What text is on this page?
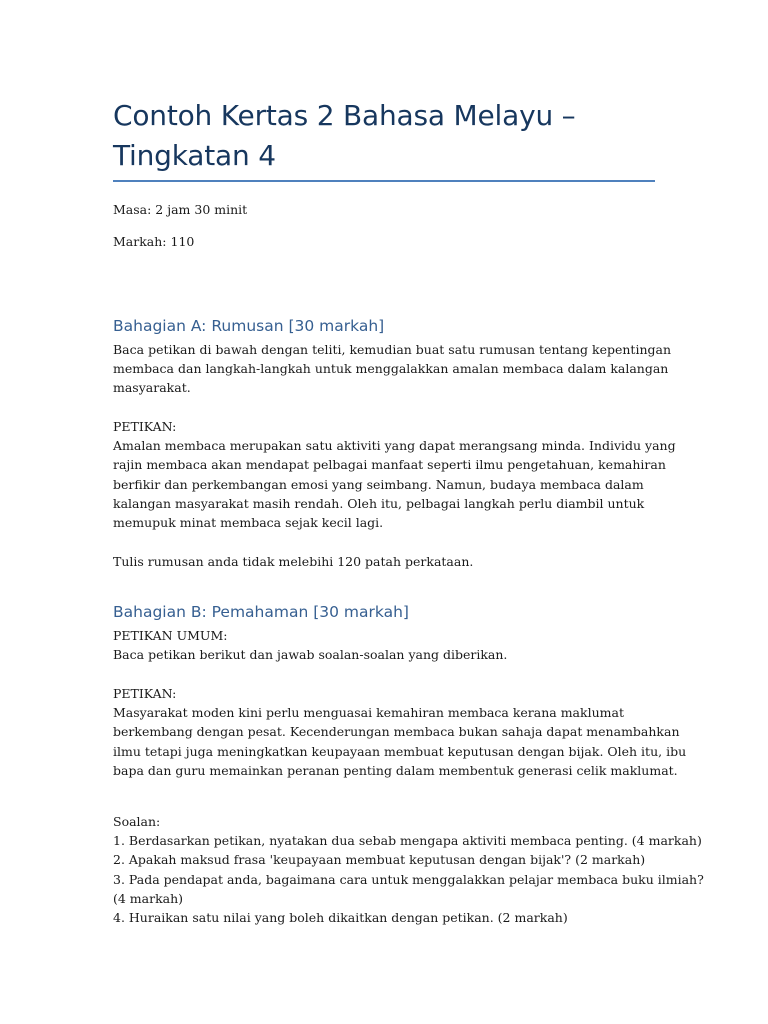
Contoh Kertas 2 Bahasa Melayu –
Tingkatan 4
Masa: 2 jam 30 minit
Markah: 110
Bahagian A: Rumusan [30 markah]
Baca petikan di bawah dengan teliti, kemudian buat satu rumusan tentang kepentingan
membaca dan langkah-langkah untuk menggalakkan amalan membaca dalam kalangan
masyarakat.
PETIKAN:
Amalan membaca merupakan satu aktiviti yang dapat merangsang minda. Individu yang
rajin membaca akan mendapat pelbagai manfaat seperti ilmu pengetahuan, kemahiran
berfikir dan perkembangan emosi yang seimbang. Namun, budaya membaca dalam
kalangan masyarakat masih rendah. Oleh itu, pelbagai langkah perlu diambil untuk
memupuk minat membaca sejak kecil lagi.
Tulis rumusan anda tidak melebihi 120 patah perkataan.
Bahagian B: Pemahaman [30 markah]
PETIKAN UMUM:
Baca petikan berikut dan jawab soalan-soalan yang diberikan.
PETIKAN:
Masyarakat moden kini perlu menguasai kemahiran membaca kerana maklumat
berkembang dengan pesat. Kecenderungan membaca bukan sahaja dapat menambahkan
ilmu tetapi juga meningkatkan keupayaan membuat keputusan dengan bijak. Oleh itu, ibu
bapa dan guru memainkan peranan penting dalam membentuk generasi celik maklumat.
Soalan:
1. Berdasarkan petikan, nyatakan dua sebab mengapa aktiviti membaca penting. (4 markah)
2. Apakah maksud frasa 'keupayaan membuat keputusan dengan bijak'? (2 markah)
3. Pada pendapat anda, bagaimana cara untuk menggalakkan pelajar membaca buku ilmiah?
(4 markah)
4. Huraikan satu nilai yang boleh dikaitkan dengan petikan. (2 markah)
